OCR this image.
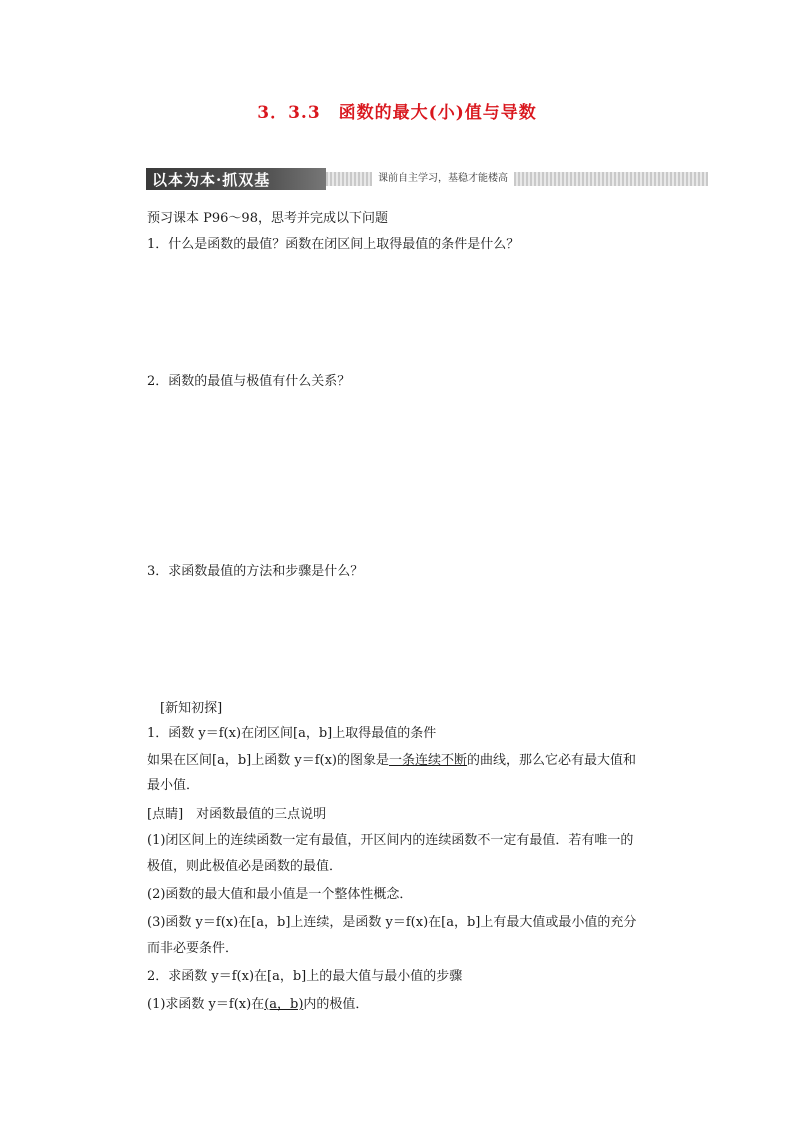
3．3.3　函数的最大(小)值与导数
以本为本·抓双基	课前自主学习，基稳才能楼高
预习课本 P96～98，思考并完成以下问题
1．什么是函数的最值？函数在闭区间上取得最值的条件是什么？
2．函数的最值与极值有什么关系？
3．求函数最值的方法和步骤是什么？
[新知初探]
1．函数 y＝f(x)在闭区间[a，b]上取得最值的条件
如果在区间[a，b]上函数 y＝f(x)的图象是一条连续不断的曲线，那么它必有最大值和
最小值．
[点睛]　对函数最值的三点说明
(1)闭区间上的连续函数一定有最值，开区间内的连续函数不一定有最值．若有唯一的
极值，则此极值必是函数的最值．
(2)函数的最大值和最小值是一个整体性概念．
(3)函数 y＝f(x)在[a，b]上连续，是函数 y＝f(x)在[a，b]上有最大值或最小值的充分
而非必要条件．
2．求函数 y＝f(x)在[a，b]上的最大值与最小值的步骤
(1)求函数 y＝f(x)在(a，b)内的极值．
